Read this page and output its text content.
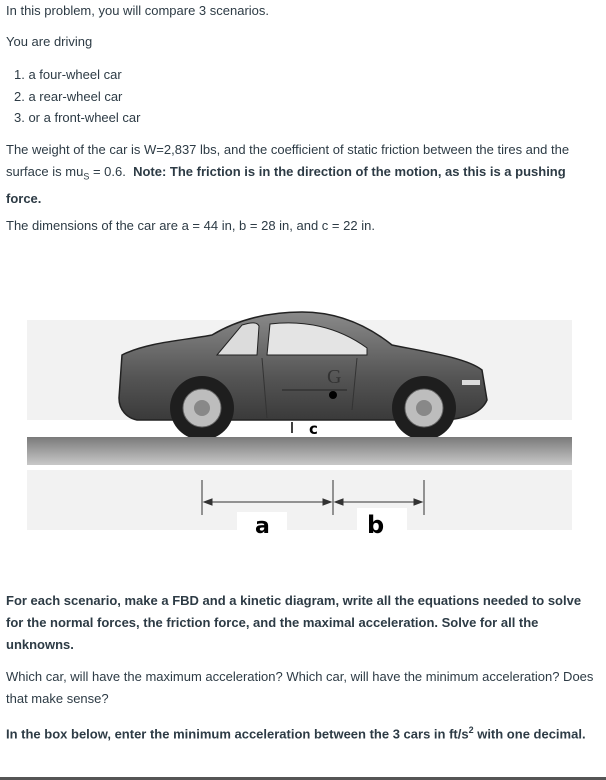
In this problem, you will compare 3 scenarios.

You are driving

1. a four-wheel car
2. a rear-wheel car
3. or a front-wheel car

The weight of the car is W=2,837 lbs, and the coefficient of static friction between the tires and the surface is $mu_S = 0.6$. Note: The friction is in the direction of the motion, as this is a pushing force.

The dimensions of the car are a = 44 in, b = 28 in, and c = 22 in.

G
c
a	b

For each scenario, make a FBD and a kinetic diagram, write all the equations needed to solve for the normal forces, the friction force, and the maximal acceleration. Solve for all the unknowns.

Which car, will have the maximum acceleration? Which car, will have the minimum acceleration? Does that make sense?

In the box below, enter the minimum acceleration between the 3 cars in $ft/s^2$ with one decimal.
